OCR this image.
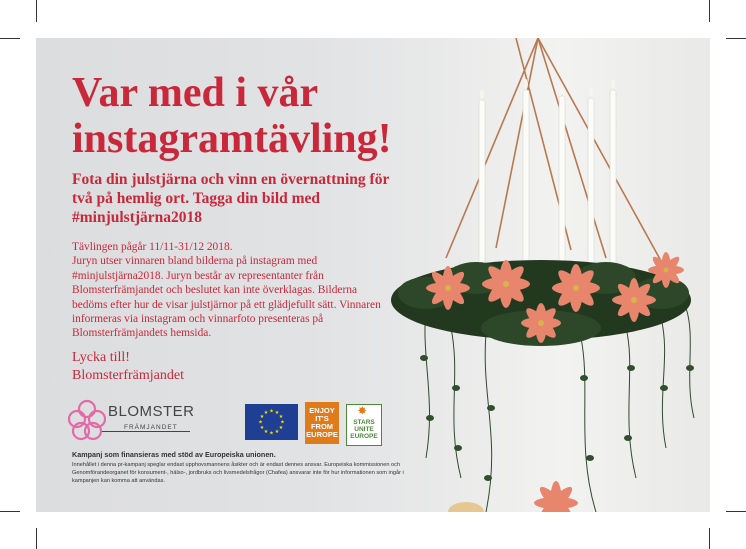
Var med i vår instagramtävling!

Fota din julstjärna och vinn en övernattning för två på hemlig ort. Tagga din bild med #minjulstjärna2018

Tävlingen pågår 11/11-31/12 2018.
Juryn utser vinnaren bland bilderna på instagram med #minjulstjärna2018. Juryn består av representanter från Blomsterfrämjandet och beslutet kan inte överklagas. Bilderna bedöms efter hur de visar julstjärnor på ett glädjefullt sätt. Vinnaren informeras via instagram och vinnarfoto presenteras på Blomsterfrämjandets hemsida.

Lycka till!
Blomsterfrämjandet

BLOMSTER
FRÄMJANDET
★ ★
★
★
★
★
★
★
★
★
★
★	ENJOY
IT'S FROM
EUROPE
✸
STARS
UNITE
EUROPE

Kampanj som finansieras med stöd av Europeiska unionen.

Innehållet i denna pr-kampanj speglar endast upphovsmannens åsikter och är endast dennes ansvar. Europeiska kommissionen och Genomförandeorganet för konsument-, hälso-, jordbruks och livsmedelsfrågor (Chafea) ansvarar inte för hur informationen som ingår i kampanjen kan komma att användas.
